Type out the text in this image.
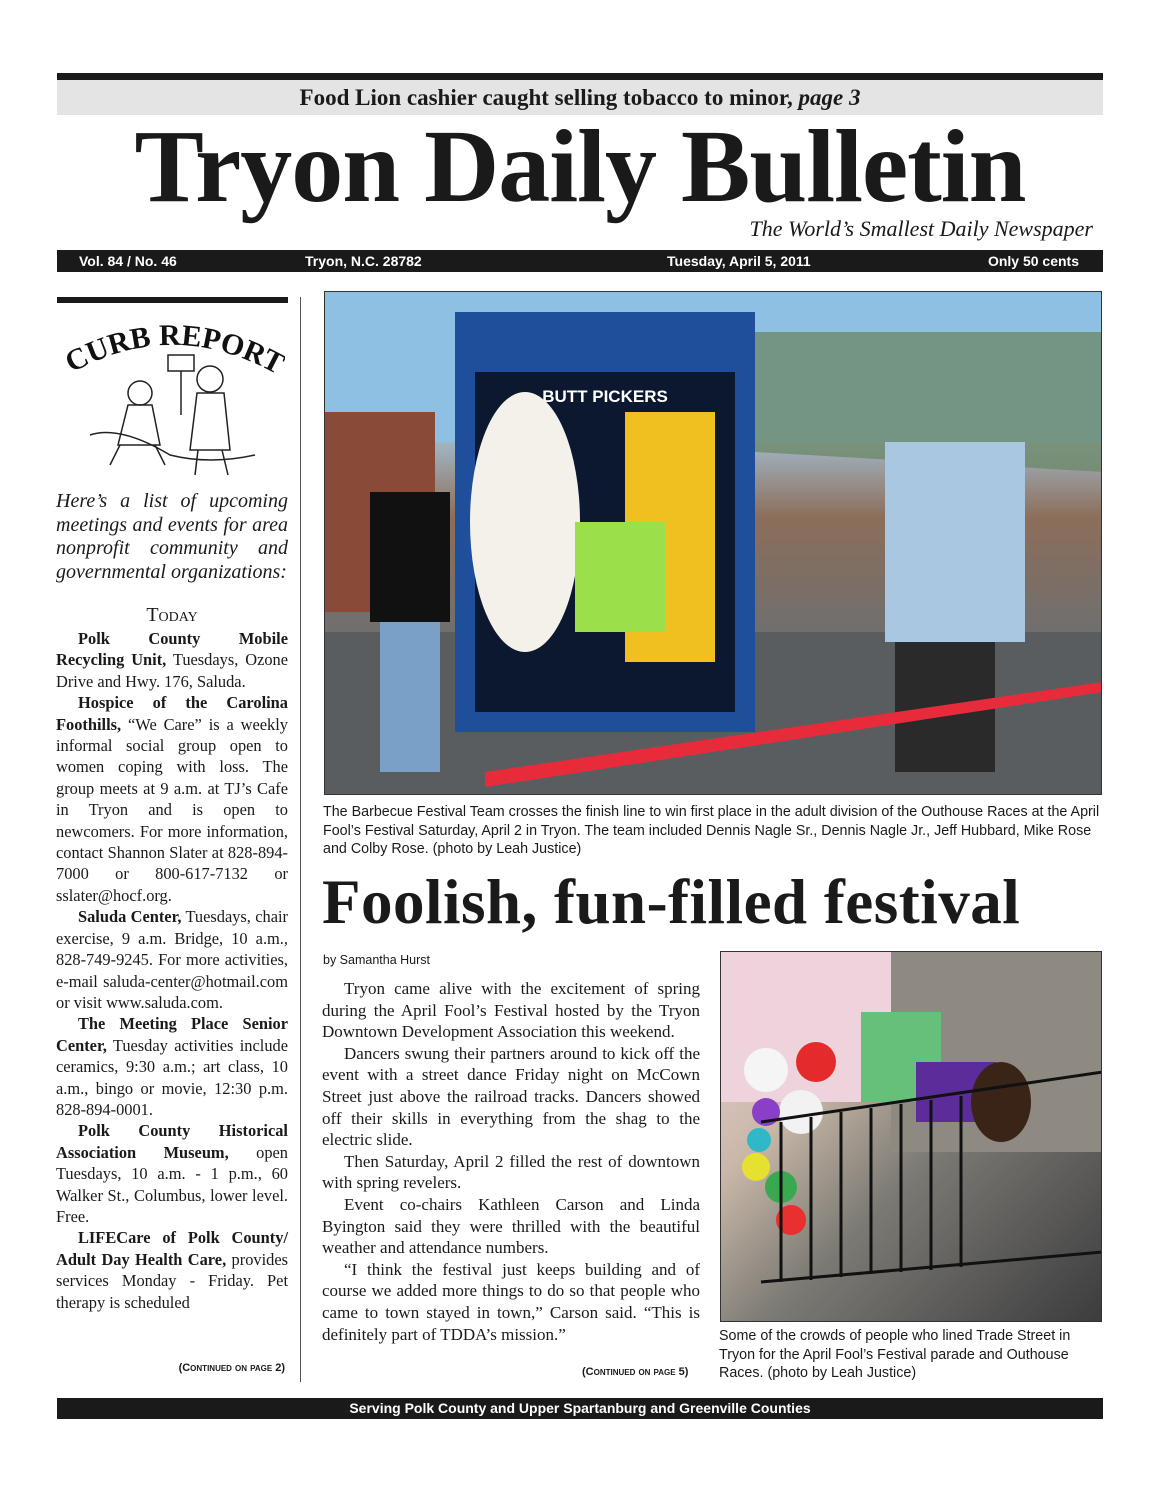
Food Lion cashier caught selling tobacco to minor, page 3
Tryon Daily Bulletin
The World’s Smallest Daily Newspaper
Vol. 84 / No. 46	Tryon, N.C. 28782	Tuesday, April 5, 2011	Only 50 cents
CURB REPOR
Here’s a list of upcoming meetings and events for area nonprofit community and governmental organizations:
Today

Polk County Mobile Recycling Unit, Tuesdays, Ozone Drive and Hwy. 176, Saluda.

Hospice of the Carolina Foothills, “We Care” is a weekly informal social group open to women coping with loss. The group meets at 9 a.m. at TJ’s Cafe in Tryon and is open to newcomers. For more information, contact Shannon Slater at 828-894-7000 or 800-617-7132 or sslater@hocf.org.

Saluda Center, Tuesdays, chair exercise, 9 a.m. Bridge, 10 a.m., 828-749-9245. For more activities, e-mail saluda-center@hotmail.com or visit www.saluda.com.

The Meeting Place Senior Center, Tuesday activities include ceramics, 9:30 a.m.; art class, 10 a.m., bingo or movie, 12:30 p.m. 828-894-0001.

Polk County Historical Association Museum, open Tuesdays, 10 a.m. - 1 p.m., 60 Walker St., Columbus, lower level. Free.

LIFECare of Polk County/ Adult Day Health Care, provides services Monday - Friday. Pet therapy is scheduled

(Continued on page 2)
BUTT PICKERS
The Barbecue Festival Team crosses the finish line to win first place in the adult division of the Outhouse Races at the April Fool’s Festival Saturday, April 2 in Tryon. The team included Dennis Nagle Sr., Dennis Nagle Jr., Jeff Hubbard, Mike Rose and Colby Rose. (photo by Leah Justice)
Foolish, fun-filled festival
by Samantha Hurst

Tryon came alive with the excitement of spring during the April Fool’s Festival hosted by the Tryon Downtown Development Association this weekend.

Dancers swung their partners around to kick off the event with a street dance Friday night on McCown Street just above the railroad tracks. Dancers showed off their skills in everything from the shag to the electric slide.

Then Saturday, April 2 filled the rest of downtown with spring revelers.

Event co-chairs Kathleen Carson and Linda Byington said they were thrilled with the beautiful weather and attendance numbers.

“I think the festival just keeps building and of course we added more things to do so that people who came to town stayed in town,” Carson said. “This is definitely part of TDDA’s mission.”

(Continued on page 5)
Some of the crowds of people who lined Trade Street in Tryon for the April Fool’s Festival parade and Outhouse Races. (photo by Leah Justice)
Serving Polk County and Upper Spartanburg and Greenville Counties
